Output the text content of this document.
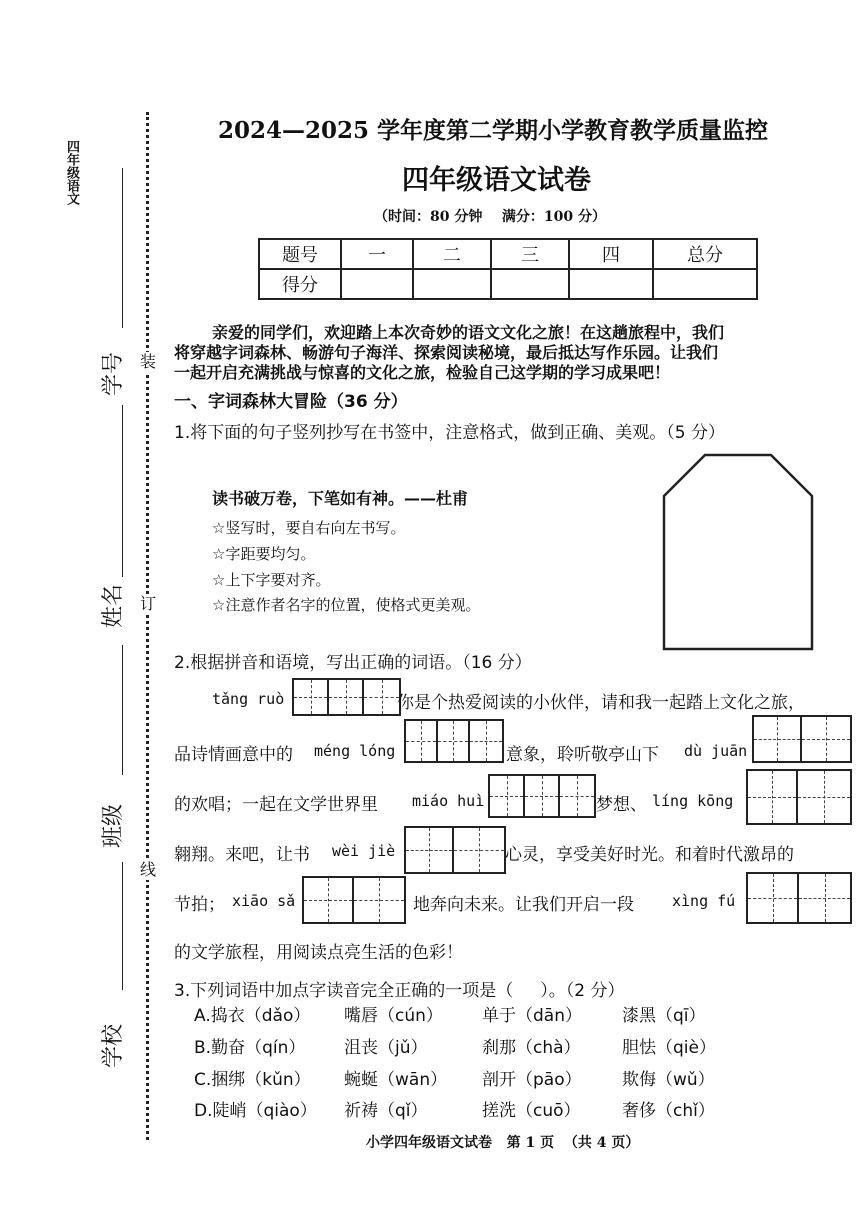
四年级语文
学号
姓名
班级
学校
装
订
线
2024—2025 学年度第二学期小学教育教学质量监控
四年级语文试卷
（时间：80 分钟    满分：100 分）
题号	一	二	三	四	总分
得分					
亲爱的同学们，欢迎踏上本次奇妙的语文文化之旅！在这趟旅程中，我们
将穿越字词森林、畅游句子海洋、探索阅读秘境，最后抵达写作乐园。让我们
一起开启充满挑战与惊喜的文化之旅，检验自己这学期的学习成果吧！
一、字词森林大冒险（36 分）
1.将下面的句子竖列抄写在书签中，注意格式，做到正确、美观。（5 分）
读书破万卷，下笔如有神。——杜甫
☆竖写时，要自右向左书写。
☆字距要均匀。
☆上下字要对齐。
☆注意作者名字的位置，使格式更美观。
2.根据拼音和语境，写出正确的词语。（16 分）
tǎng ruò	你是个热爱阅读的小伙伴，请和我一起踏上文化之旅，
品诗情画意中的 méng lóng	意象，聆听敬亭山下 dù juān
的欢唱；一起在文学世界里 miáo huì	梦想、 líng kōng
翱翔。来吧，让书 wèi jiè	心灵，享受美好时光。和着时代激昂的
节拍； xiāo sǎ	地奔向未来。让我们开启一段	xìng fú
的文学旅程，用阅读点亮生活的色彩！
3.下列词语中加点字读音完全正确的一项是（     ）。（2 分）
A.捣衣（dǎo） 嘴唇（cún） 单于（dān） 漆黑（qī）
B.勤奋（qín） 沮丧（jǔ）	刹那（chà） 胆怯（qiè）
C.捆绑（kǔn） 蜿蜒（wān） 剖开（pāo） 欺侮（wǔ）
D.陡峭（qiào） 祈祷（qǐ）	搓洗（cuō） 奢侈（chǐ）
小学四年级语文试卷   第 1 页  （共 4 页）
